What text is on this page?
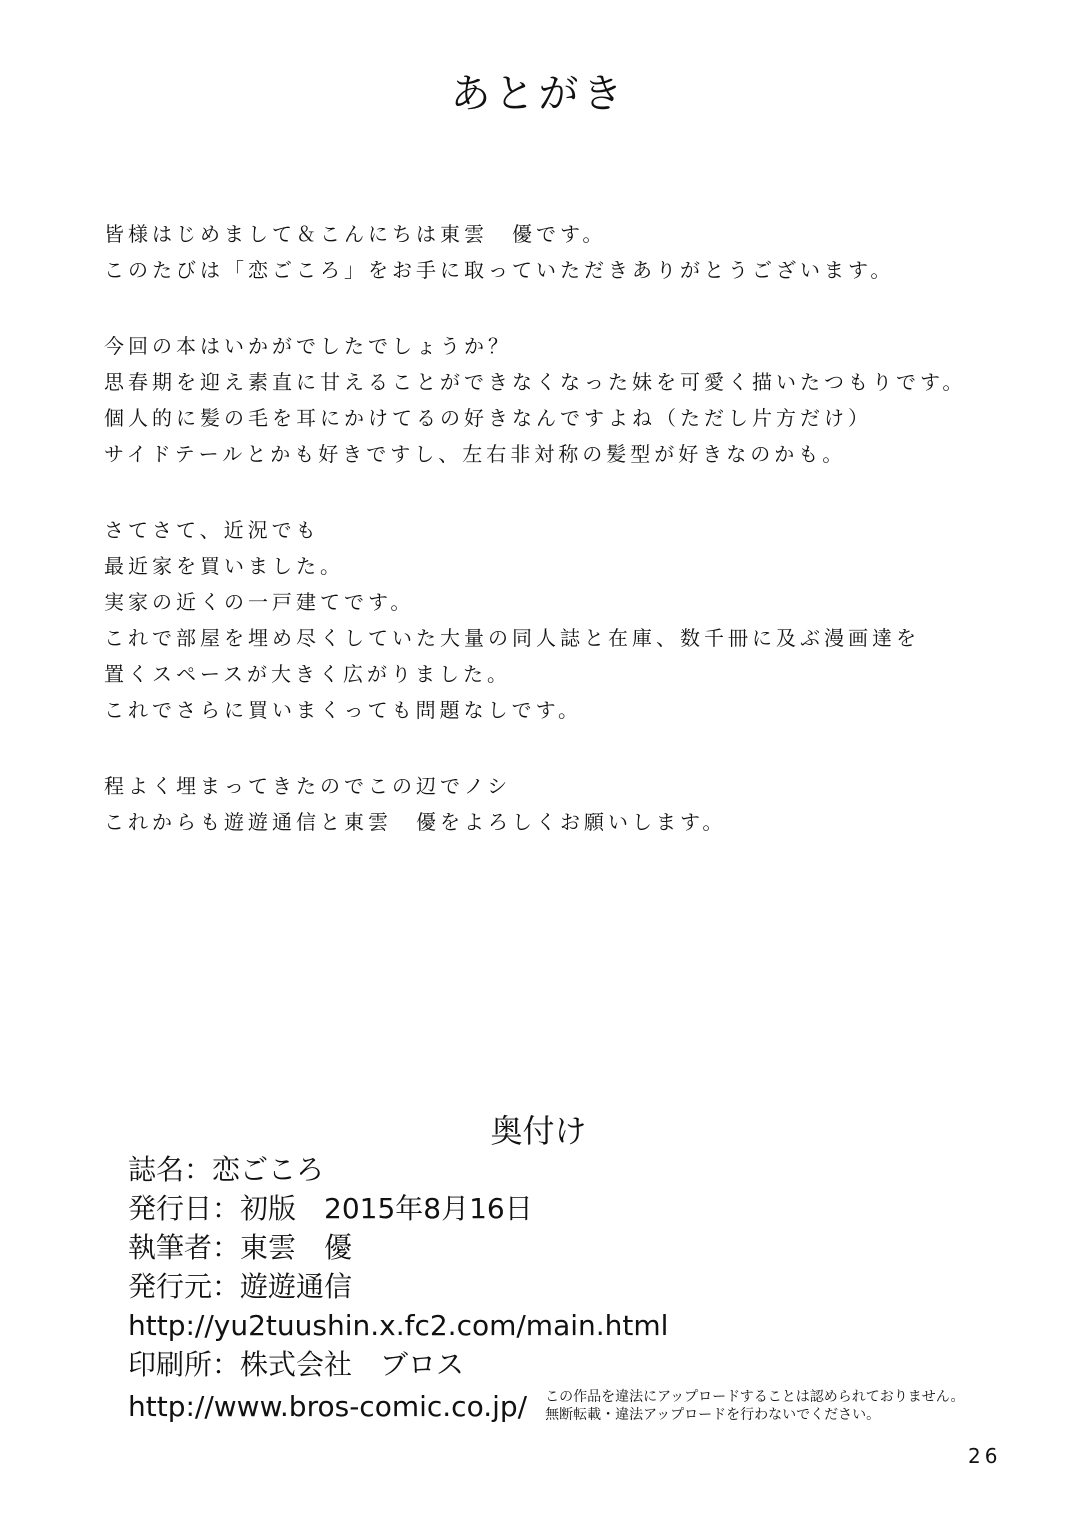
あとがき
皆様はじめまして＆こんにちは東雲　優です。
このたびは「恋ごころ」をお手に取っていただきありがとうございます。
今回の本はいかがでしたでしょうか？
思春期を迎え素直に甘えることができなくなった妹を可愛く描いたつもりです。
個人的に髪の毛を耳にかけてるの好きなんですよね（ただし片方だけ）
サイドテールとかも好きですし、左右非対称の髪型が好きなのかも。
さてさて、近況でも
最近家を買いました。
実家の近くの一戸建てです。
これで部屋を埋め尽くしていた大量の同人誌と在庫、数千冊に及ぶ漫画達を
置くスペースが大きく広がりました。
これでさらに買いまくっても問題なしです。
程よく埋まってきたのでこの辺でノシ
これからも遊遊通信と東雲　優をよろしくお願いします。
奥付け
誌名：恋ごころ
発行日：初版　2015年8月16日
執筆者：東雲　優
発行元：遊遊通信
http://yu2tuushin.x.fc2.com/main.html
印刷所：株式会社　ブロス
http://www.bros-comic.co.jp/ この作品を違法にアップロードすることは認められておりません。
無断転載・違法アップロードを行わないでください。
26
